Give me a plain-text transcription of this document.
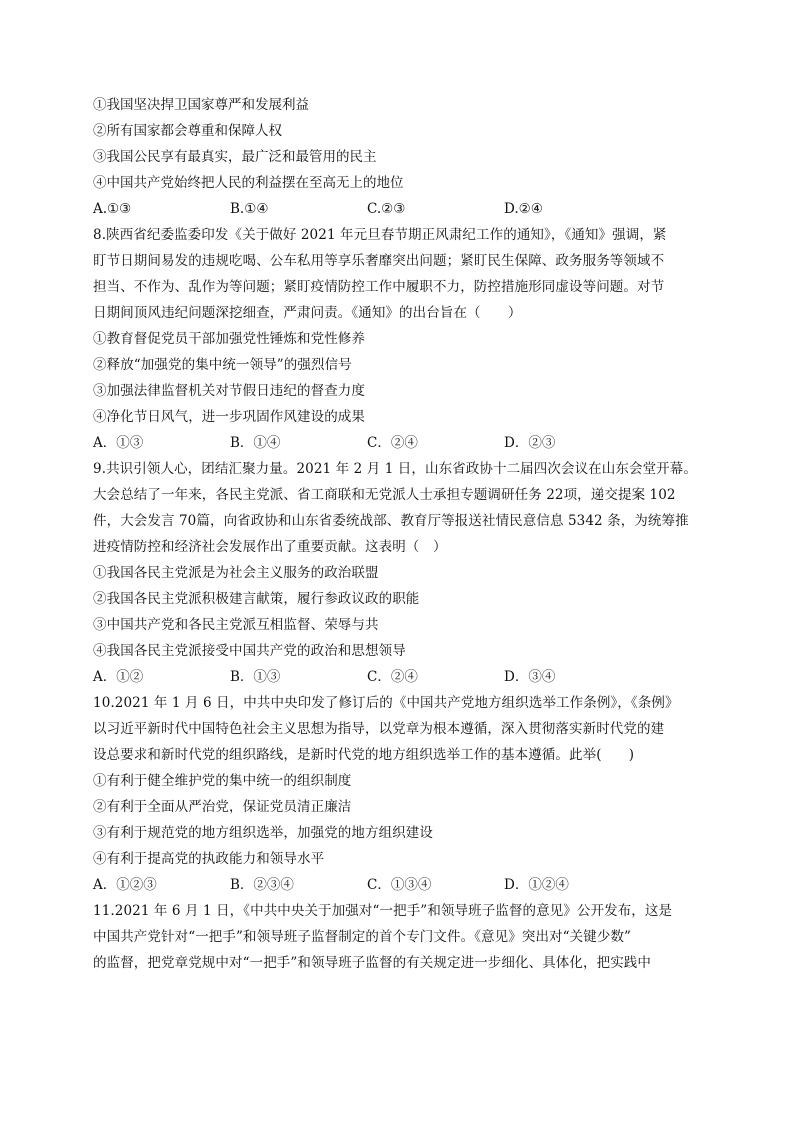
①我国坚决捍卫国家尊严和发展利益
②所有国家都会尊重和保障人权
③我国公民享有最真实，最广泛和最管用的民主
④中国共产党始终把人民的利益摆在至高无上的地位
A.①③	B.①④	C.②③	D.②④
8.陕西省纪委监委印发《关于做好 2021 年元旦春节期正风肃纪工作的通知》，《通知》强调，紧
盯节日期间易发的违规吃喝、公车私用等享乐奢靡突出问题；紧盯民生保障、政务服务等领域不
担当、不作为、乱作为等问题；紧盯疫情防控工作中履职不力，防控措施形同虚设等问题。对节
日期间顶风违纪问题深挖细查，严肃问责。《通知》的出台旨在（　　）
①教育督促党员干部加强党性锤炼和党性修养
②释放“加强党的集中统一领导”的强烈信号
③加强法律监督机关对节假日违纪的督查力度
④净化节日风气，进一步巩固作风建设的成果
A．①③	B．①④	C．②④	D．②③
9.共识引领人心，团结汇聚力量。2021 年 2 月 1 日，山东省政协十二届四次会议在山东会堂开幕。
大会总结了一年来，各民主党派、省工商联和无党派人士承担专题调研任务 22项，递交提案 102
件，大会发言 70篇，向省政协和山东省委统战部、教育厅等报送社情民意信息 5342 条，为统筹推
进疫情防控和经济社会发展作出了重要贡献。这表明（　）
①我国各民主党派是为社会主义服务的政治联盟
②我国各民主党派积极建言献策，履行参政议政的职能
③中国共产党和各民主党派互相监督、荣辱与共
④我国各民主党派接受中国共产党的政治和思想领导
A．①②	B．①③	C．②④	D．③④
10.2021 年 1 月 6 日，中共中央印发了修订后的《中国共产党地方组织选举工作条例》，《条例》
以习近平新时代中国特色社会主义思想为指导，以党章为根本遵循，深入贯彻落实新时代党的建
设总要求和新时代党的组织路线，是新时代党的地方组织选举工作的基本遵循。此举(　　)
①有利于健全维护党的集中统一的组织制度
②有利于全面从严治党，保证党员清正廉洁
③有利于规范党的地方组织选举，加强党的地方组织建设
④有利于提高党的执政能力和领导水平
A．①②③	B．②③④	C．①③④	D．①②④
11.2021 年 6 月 1 日，《中共中央关于加强对“一把手”和领导班子监督的意见》公开发布，这是
中国共产党针对“一把手”和领导班子监督制定的首个专门文件。《意见》突出对“关键少数”
的监督，把党章党规中对“一把手”和领导班子监督的有关规定进一步细化、具体化，把实践中
